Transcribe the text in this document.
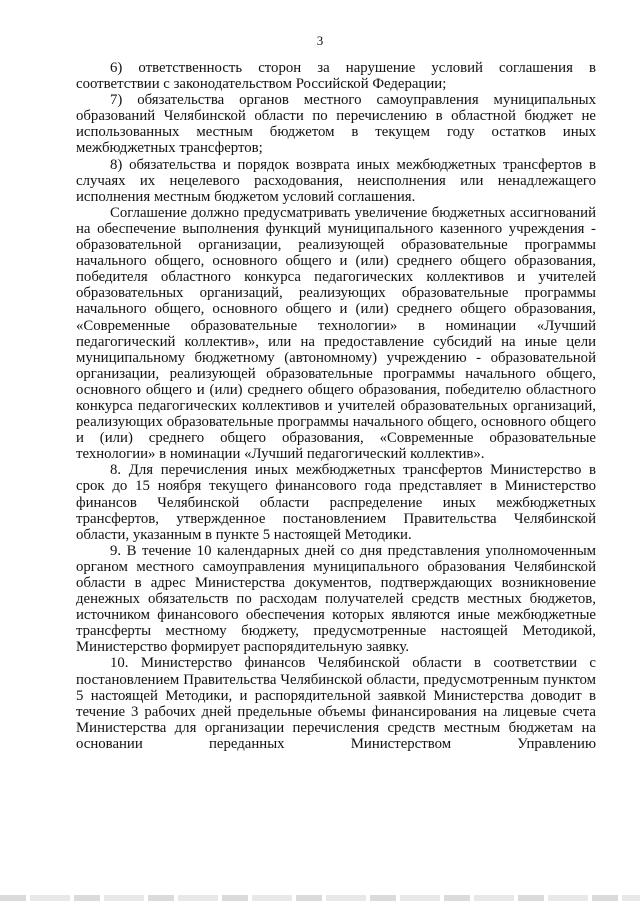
3

6) ответственность сторон за нарушение условий соглашения в соответствии с законодательством Российской Федерации;

7) обязательства органов местного самоуправления муниципальных образований Челябинской области по перечислению в областной бюджет не использованных местным бюджетом в текущем году остатков иных межбюджетных трансфертов;

8) обязательства и порядок возврата иных межбюджетных трансфертов в случаях их нецелевого расходования, неисполнения или ненадлежащего исполнения местным бюджетом условий соглашения.

Соглашение должно предусматривать увеличение бюджетных ассигнований на обеспечение выполнения функций муниципального казенного учреждения - образовательной организации, реализующей образовательные программы начального общего, основного общего и (или) среднего общего образования, победителя областного конкурса педагогических коллективов и учителей образовательных организаций, реализующих образовательные программы начального общего, основного общего и (или) среднего общего образования, «Современные образовательные технологии» в номинации «Лучший педагогический коллектив», или на предоставление субсидий на иные цели муниципальному бюджетному (автономному) учреждению - образовательной организации, реализующей образовательные программы начального общего, основного общего и (или) среднего общего образования, победителю областного конкурса педагогических коллективов и учителей образовательных организаций, реализующих образовательные программы начального общего, основного общего и (или) среднего общего образования, «Современные образовательные технологии» в номинации «Лучший педагогический коллектив».

8. Для перечисления иных межбюджетных трансфертов Министерство в срок до 15 ноября текущего финансового года представляет в Министерство финансов Челябинской области распределение иных межбюджетных трансфертов, утвержденное постановлением Правительства Челябинской области, указанным в пункте 5 настоящей Методики.

9. В течение 10 календарных дней со дня представления уполномоченным органом местного самоуправления муниципального образования Челябинской области в адрес Министерства документов, подтверждающих возникновение денежных обязательств по расходам получателей средств местных бюджетов, источником финансового обеспечения которых являются иные межбюджетные трансферты местному бюджету, предусмотренные настоящей Методикой, Министерство формирует распорядительную заявку.

10. Министерство финансов Челябинской области в соответствии с постановлением Правительства Челябинской области, предусмотренным пунктом 5 настоящей Методики, и распорядительной заявкой Министерства доводит в течение 3 рабочих дней предельные объемы финансирования на лицевые счета Министерства для организации перечисления средств местным бюджетам на основании переданных Министерством Управлению
